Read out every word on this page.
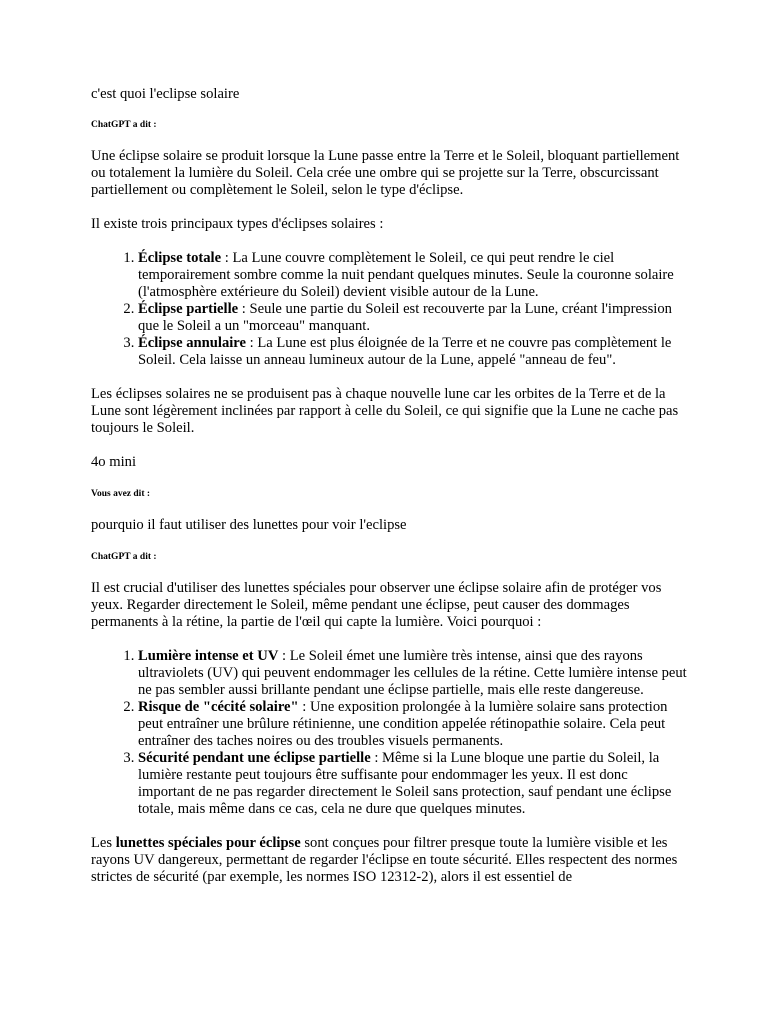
c'est quoi l'eclipse solaire

ChatGPT a dit :

Une éclipse solaire se produit lorsque la Lune passe entre la Terre et le Soleil, bloquant partiellement ou totalement la lumière du Soleil. Cela crée une ombre qui se projette sur la Terre, obscurcissant partiellement ou complètement le Soleil, selon le type d'éclipse.

Il existe trois principaux types d'éclipses solaires :

1. Éclipse totale : La Lune couvre complètement le Soleil, ce qui peut rendre le ciel temporairement sombre comme la nuit pendant quelques minutes. Seule la couronne solaire (l'atmosphère extérieure du Soleil) devient visible autour de la Lune.
2. Éclipse partielle : Seule une partie du Soleil est recouverte par la Lune, créant l'impression que le Soleil a un "morceau" manquant.
3. Éclipse annulaire : La Lune est plus éloignée de la Terre et ne couvre pas complètement le Soleil. Cela laisse un anneau lumineux autour de la Lune, appelé "anneau de feu".

Les éclipses solaires ne se produisent pas à chaque nouvelle lune car les orbites de la Terre et de la Lune sont légèrement inclinées par rapport à celle du Soleil, ce qui signifie que la Lune ne cache pas toujours le Soleil.

4o mini

Vous avez dit :

pourquio il faut utiliser des lunettes pour voir l'eclipse

ChatGPT a dit :

Il est crucial d'utiliser des lunettes spéciales pour observer une éclipse solaire afin de protéger vos yeux. Regarder directement le Soleil, même pendant une éclipse, peut causer des dommages permanents à la rétine, la partie de l'œil qui capte la lumière. Voici pourquoi :

1. Lumière intense et UV : Le Soleil émet une lumière très intense, ainsi que des rayons ultraviolets (UV) qui peuvent endommager les cellules de la rétine. Cette lumière intense peut ne pas sembler aussi brillante pendant une éclipse partielle, mais elle reste dangereuse.
2. Risque de "cécité solaire" : Une exposition prolongée à la lumière solaire sans protection peut entraîner une brûlure rétinienne, une condition appelée rétinopathie solaire. Cela peut entraîner des taches noires ou des troubles visuels permanents.
3. Sécurité pendant une éclipse partielle : Même si la Lune bloque une partie du Soleil, la lumière restante peut toujours être suffisante pour endommager les yeux. Il est donc important de ne pas regarder directement le Soleil sans protection, sauf pendant une éclipse totale, mais même dans ce cas, cela ne dure que quelques minutes.

Les lunettes spéciales pour éclipse sont conçues pour filtrer presque toute la lumière visible et les rayons UV dangereux, permettant de regarder l'éclipse en toute sécurité. Elles respectent des normes strictes de sécurité (par exemple, les normes ISO 12312-2), alors il est essentiel de
